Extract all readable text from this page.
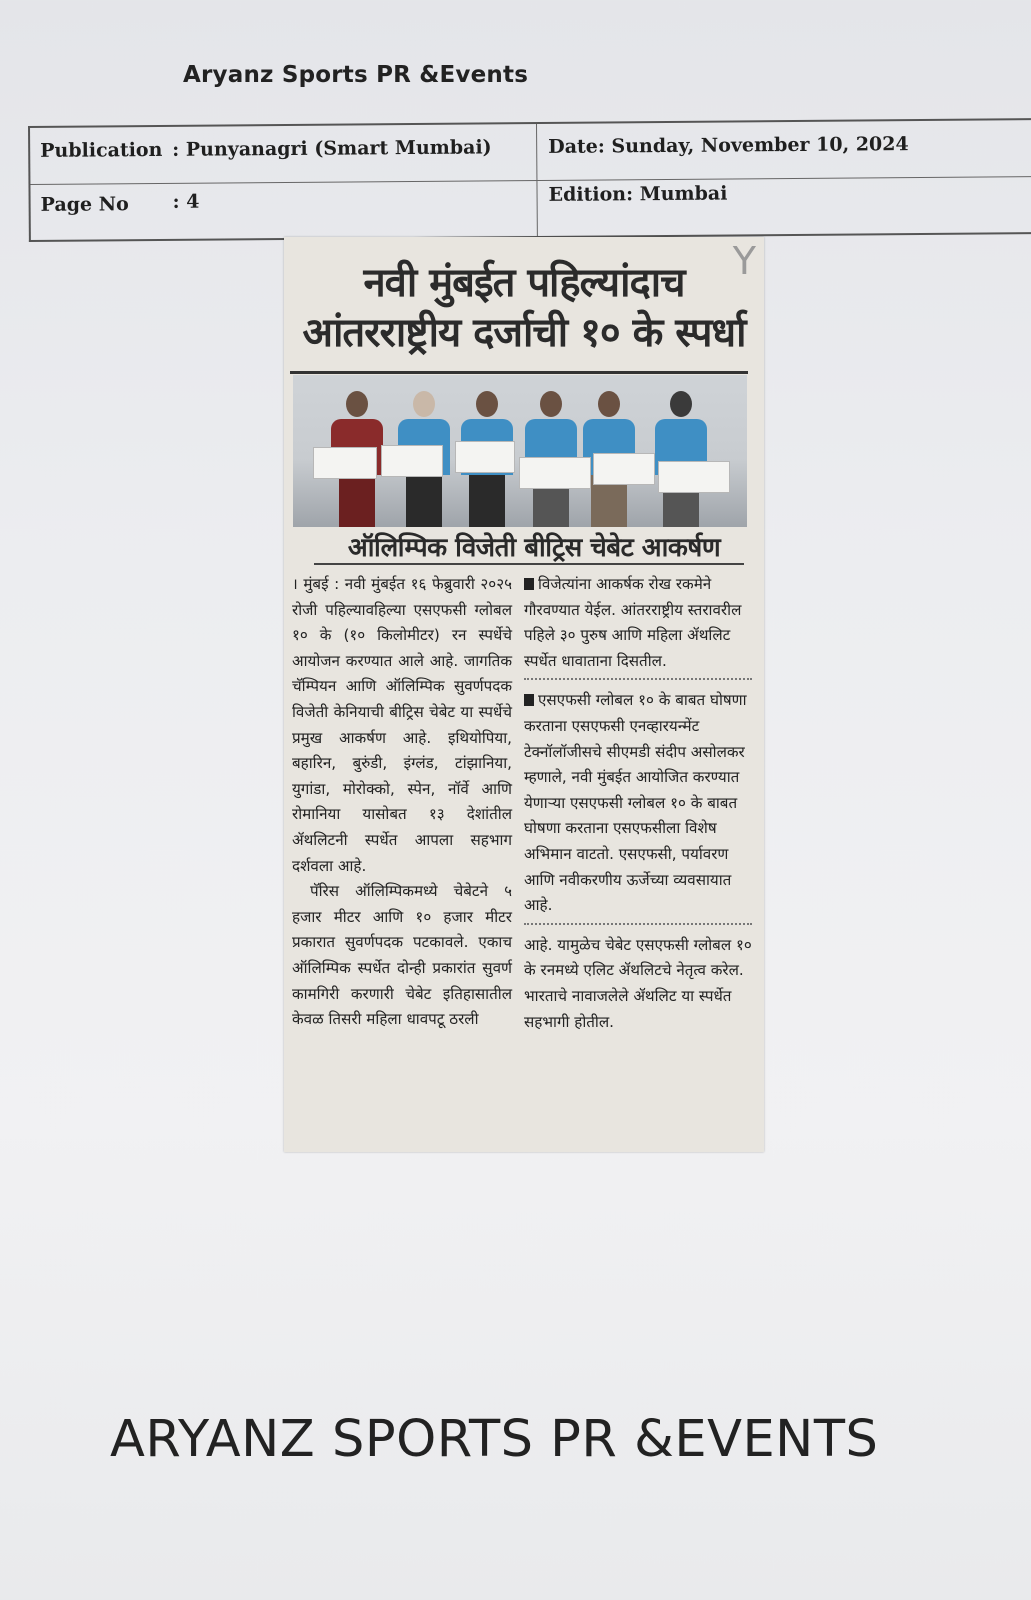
Aryanz Sports PR &Events
Publication : Punyanagri (Smart Mumbai)	Date: Sunday, November 10, 2024
Page No : 4	Edition: Mumbai
Y
नवी मुंबईत पहिल्यांदाच
आंतरराष्ट्रीय दर्जाची १० के स्पर्धा
ऑलिम्पिक विजेती बीट्रिस चेबेट आकर्षण

। मुंबई : नवी मुंबईत १६ फेब्रुवारी २०२५ रोजी पहिल्यावहिल्या एसएफसी ग्लोबल १० के (१० किलोमीटर) रन स्पर्धेचे आयोजन करण्यात आले आहे. जागतिक चॅम्पियन आणि ऑलिम्पिक सुवर्णपदक विजेती केनियाची बीट्रिस चेबेट या स्पर्धेचे प्रमुख आकर्षण आहे. इथियोपिया, बहारिन, बुरुंडी, इंग्लंड, टांझानिया, युगांडा, मोरोक्को, स्पेन, नॉर्वे आणि रोमानिया यासोबत १३ देशांतील ॲथलिटनी स्पर्धेत आपला सहभाग दर्शवला आहे.

पॅरिस ऑलिम्पिकमध्ये चेबेटने ५ हजार मीटर आणि १० हजार मीटर प्रकारात सुवर्णपदक पटकावले. एकाच ऑलिम्पिक स्पर्धेत दोन्ही प्रकारांत सुवर्ण कामगिरी करणारी चेबेट इतिहासातील केवळ तिसरी महिला धावपटू ठरली

विजेत्यांना आकर्षक रोख रकमेने गौरवण्यात येईल. आंतरराष्ट्रीय स्तरावरील पहिले ३० पुरुष आणि महिला ॲथलिट स्पर्धेत धावाताना दिसतील.

एसएफसी ग्लोबल १० के बाबत घोषणा करताना एसएफसी एनव्हारयन्मेंट टेक्नॉलॉजीसचे सीएमडी संदीप असोलकर म्हणाले, नवी मुंबईत आयोजित करण्यात येणाऱ्या एसएफसी ग्लोबल १० के बाबत घोषणा करताना एसएफसीला विशेष अभिमान वाटतो. एसएफसी, पर्यावरण आणि नवीकरणीय ऊर्जेच्या व्यवसायात आहे.

आहे. यामुळेच चेबेट एसएफसी ग्लोबल १० के रनमध्ये एलिट ॲथलिटचे नेतृत्व करेल. भारताचे नावाजलेले ॲथलिट या स्पर्धेत सहभागी होतील.

ARYANZ SPORTS PR &EVENTS
